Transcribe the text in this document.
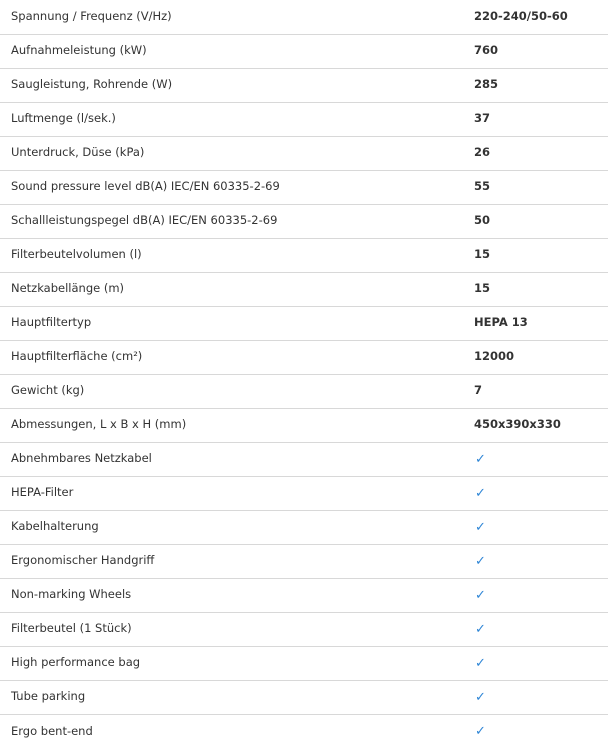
Spannung / Frequenz (V/Hz)	220-240/50-60
Aufnahmeleistung (kW)	760
Saugleistung, Rohrende (W)	285
Luftmenge (l/sek.)	37
Unterdruck, Düse (kPa)	26
Sound pressure level dB(A) IEC/EN 60335-2-69	55
Schallleistungspegel dB(A) IEC/EN 60335-2-69	50
Filterbeutelvolumen (l)	15
Netzkabellänge (m)	15
Hauptfiltertyp	HEPA 13
Hauptfilterfläche (cm²)	12000
Gewicht (kg)	7
Abmessungen, L x B x H (mm)	450x390x330
Abnehmbares Netzkabel	✓
HEPA-Filter	✓
Kabelhalterung	✓
Ergonomischer Handgriff	✓
Non-marking Wheels	✓
Filterbeutel (1 Stück)	✓
High performance bag	✓
Tube parking	✓
Ergo bent-end	✓
